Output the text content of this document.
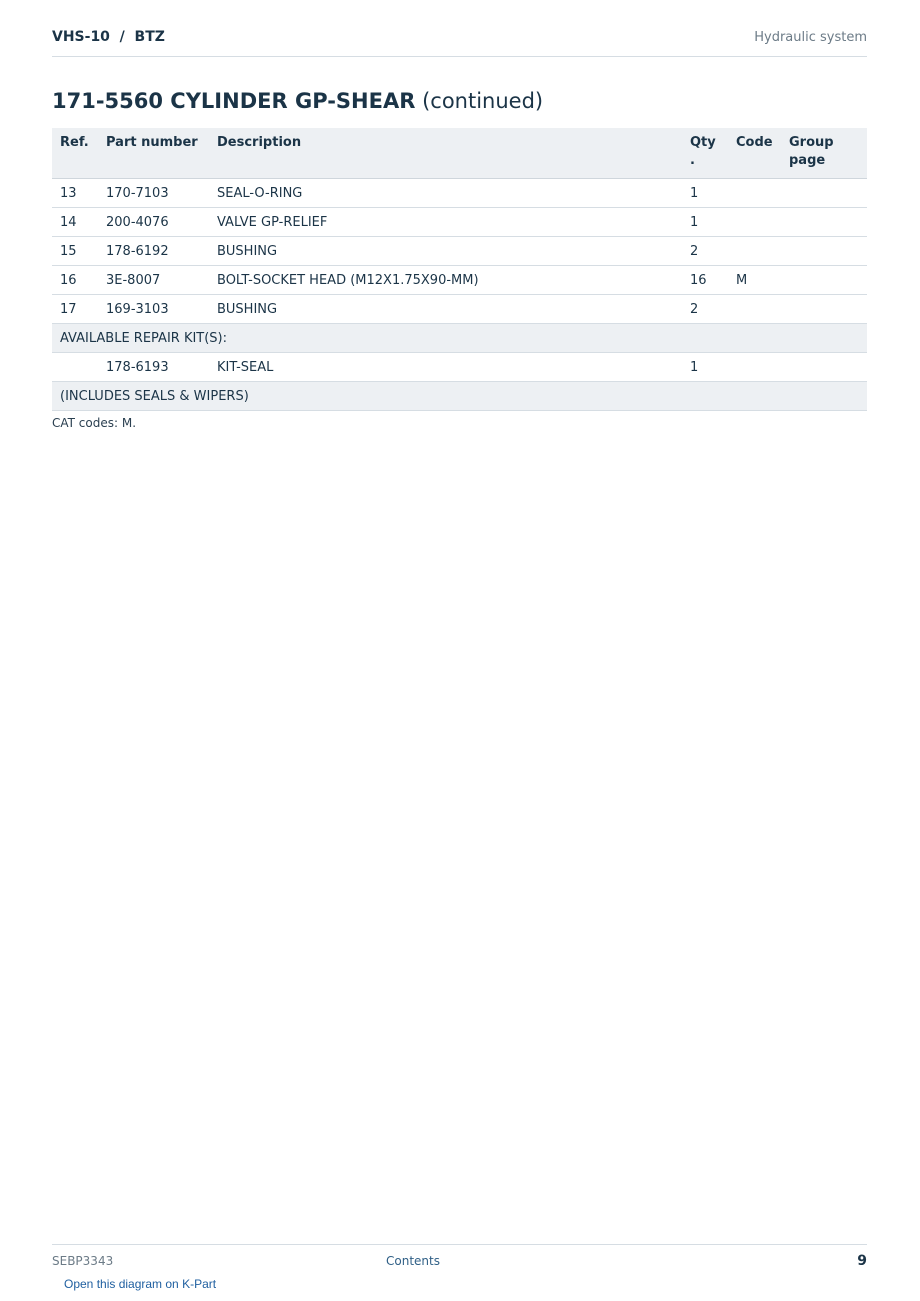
VHS-10  /  BTZ	Hydraulic system
171-5560 CYLINDER GP-SHEAR (continued)
Ref.	Part number	Description	Qty .	Code	Group page
13	170-7103	SEAL-O-RING	1		
14	200-4076	VALVE GP-RELIEF	1		
15	178-6192	BUSHING	2		
16	3E-8007	BOLT-SOCKET HEAD (M12X1.75X90-MM)	16	M	
17	169-3103	BUSHING	2		
AVAILABLE REPAIR KIT(S):					
	178-6193	KIT-SEAL	1		
(INCLUDES SEALS & WIPERS)					
CAT codes: M.
SEBP3343	Contents	9
Open this diagram on K-Part
